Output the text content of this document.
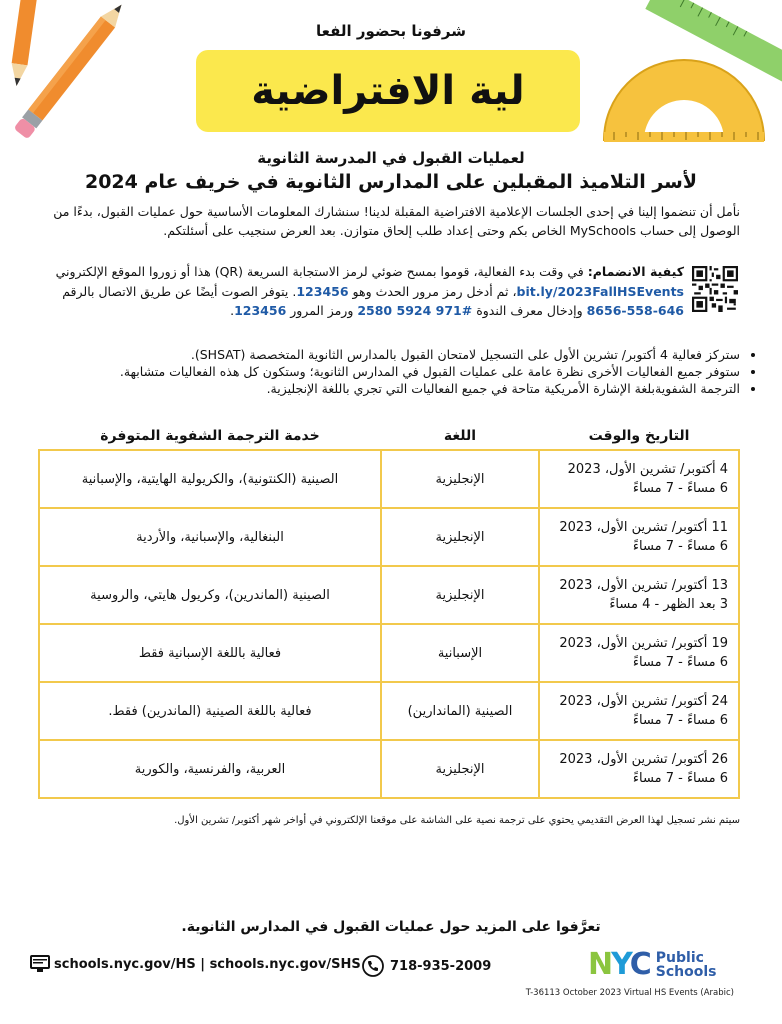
شرفونا بحضور الفعا
لية الافتراضية
لعمليات القبول في المدرسة الثانوية
لأسر التلاميذ المقبلين على المدارس الثانوية في خريف عام 2024
نأمل أن تنضموا إلينا في إحدى الجلسات الإعلامية الافتراضية المقبلة لدينا! سنشارك المعلومات الأساسية حول عمليات القبول، بدءًا من الوصول إلى حساب MySchools الخاص بكم وحتى إعداد طلب إلحاق متوازن. بعد العرض سنجيب على أسئلتكم.
كيفية الانضمام: في وقت بدء الفعالية، قوموا بمسح ضوئي لرمز الاستجابة السريعة (QR) هذا أو زوروا الموقع الإلكتروني bit.ly/2023FallHSEvents، ثم أدخل رمز مرور الحدث وهو 123456. يتوفر الصوت أيضًا عن طريق الاتصال بالرقم 646-558-8656 وإدخال معرف الندوة #971 5924 2580 ورمز المرور 123456.
• ستركز فعالية 4 أكتوبر/ تشرين الأول على التسجيل لامتحان القبول بالمدارس الثانوية المتخصصة (SHSAT).
• ستوفر جميع الفعاليات الأخرى نظرة عامة على عمليات القبول في المدارس الثانوية؛ وستكون كل هذه الفعاليات متشابهة.
• الترجمة الشفويةبلغة الإشارة الأمريكية متاحة في جميع الفعاليات التي تجري باللغة الإنجليزية.
التاريخ والوقت
اللغة
خدمة الترجمة الشفوية المتوفرة
4 أكتوبر/ تشرين الأول، 2023
6 مساءً - 7 مساءً	الإنجليزية	الصينية (الكنتونية)، والكريولية الهايتية، والإسبانية

11 أكتوبر/ تشرين الأول، 2023
6 مساءً - 7 مساءً	الإنجليزية	البنغالية، والإسبانية، والأردية

13 أكتوبر/ تشرين الأول، 2023
3 بعد الظهر - 4 مساءً	الإنجليزية	الصينية (الماندرين)، وكريول هايتي، والروسية

19 أكتوبر/ تشرين الأول، 2023
6 مساءً - 7 مساءً	الإسبانية	فعالية باللغة الإسبانية فقط

24 أكتوبر/ تشرين الأول، 2023
6 مساءً - 7 مساءً	الصينية (الماندارين)	فعالية باللغة الصينية (الماندرين) فقط.

26 أكتوبر/ تشرين الأول، 2023
6 مساءً - 7 مساءً	الإنجليزية	العربية، والفرنسية، والكورية
سيتم نشر تسجيل لهذا العرض التقديمي يحتوي على ترجمة نصية على الشاشة على موقعنا الإلكتروني في أواخر شهر أكتوبر/ تشرين الأول.
تعرَّفوا على المزيد حول عمليات القبول في المدارس الثانوية.
schools.nyc.gov/HS | schools.nyc.gov/SHS 718-935-2009	NYC Public
Schools
T-36113 October 2023 Virtual HS Events (Arabic)
